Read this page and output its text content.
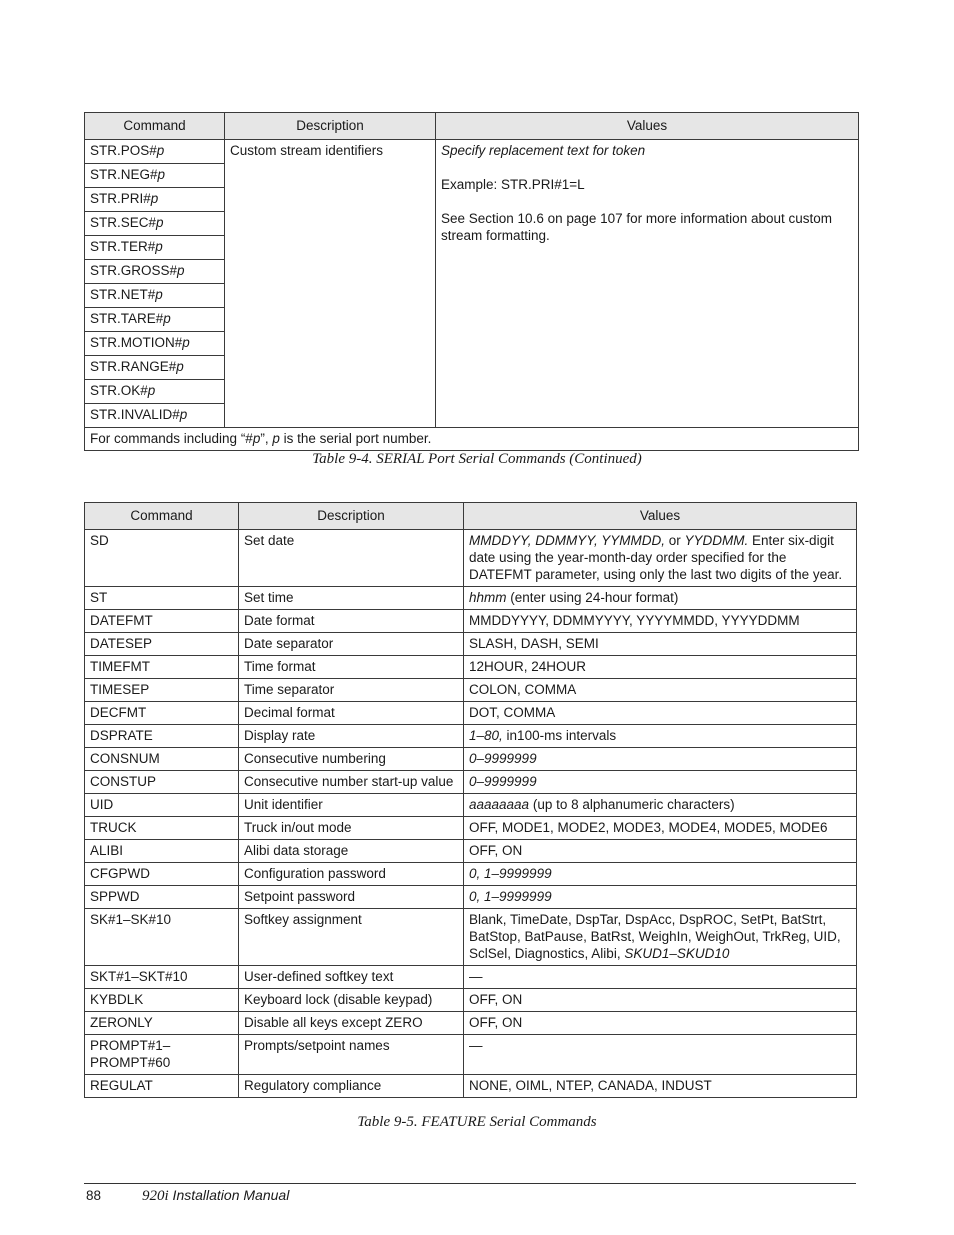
Command	Description	Values
STR.POS#p	Custom stream identifiers	Specify replacement text for token
Example: STR.PRI#1=L
See Section 10.6 on page 107 for more information about custom stream formatting.

STR.NEG#p		
STR.PRI#p		
STR.SEC#p		
STR.TER#p		
STR.GROSS#p		
STR.NET#p		
STR.TARE#p		
STR.MOTION#p		
STR.RANGE#p		
STR.OK#p		
STR.INVALID#p		
For commands including “#p”, p is the serial port number.		
Table 9-4. SERIAL Port Serial Commands (Continued)
Command	Description	Values
SD	Set date	MMDDYY, DDMMYY, YYMMDD, or YYDDMM. Enter six-digit date using the year-month-day order specified for the DATEFMT parameter, using only the last two digits of the year.
ST	Set time	hhmm (enter using 24-hour format)
DATEFMT	Date format	MMDDYYYY, DDMMYYYY, YYYYMMDD, YYYYDDMM
DATESEP	Date separator	SLASH, DASH, SEMI
TIMEFMT	Time format	12HOUR, 24HOUR
TIMESEP	Time separator	COLON, COMMA
DECFMT	Decimal format	DOT, COMMA
DSPRATE	Display rate	1–80, in100-ms intervals
CONSNUM	Consecutive numbering	0–9999999
CONSTUP	Consecutive number start-up value	0–9999999
UID	Unit identifier	aaaaaaaa (up to 8 alphanumeric characters)
TRUCK	Truck in/out mode	OFF, MODE1, MODE2, MODE3, MODE4, MODE5, MODE6
ALIBI	Alibi data storage	OFF, ON
CFGPWD	Configuration password	0, 1–9999999
SPPWD	Setpoint password	0, 1–9999999
SK#1–SK#10	Softkey assignment	Blank, TimeDate, DspTar, DspAcc, DspROC, SetPt, BatStrt, BatStop, BatPause, BatRst, WeighIn, WeighOut, TrkReg, UID, SclSel, Diagnostics, Alibi, SKUD1–SKUD10
SKT#1–SKT#10	User-defined softkey text	—
KYBDLK	Keyboard lock (disable keypad)	OFF, ON
ZERONLY	Disable all keys except ZERO	OFF, ON
PROMPT#1– PROMPT#60	Prompts/setpoint names	—
REGULAT	Regulatory compliance	NONE, OIML, NTEP, CANADA, INDUST
Table 9-5. FEATURE Serial Commands
88	920i Installation Manual
